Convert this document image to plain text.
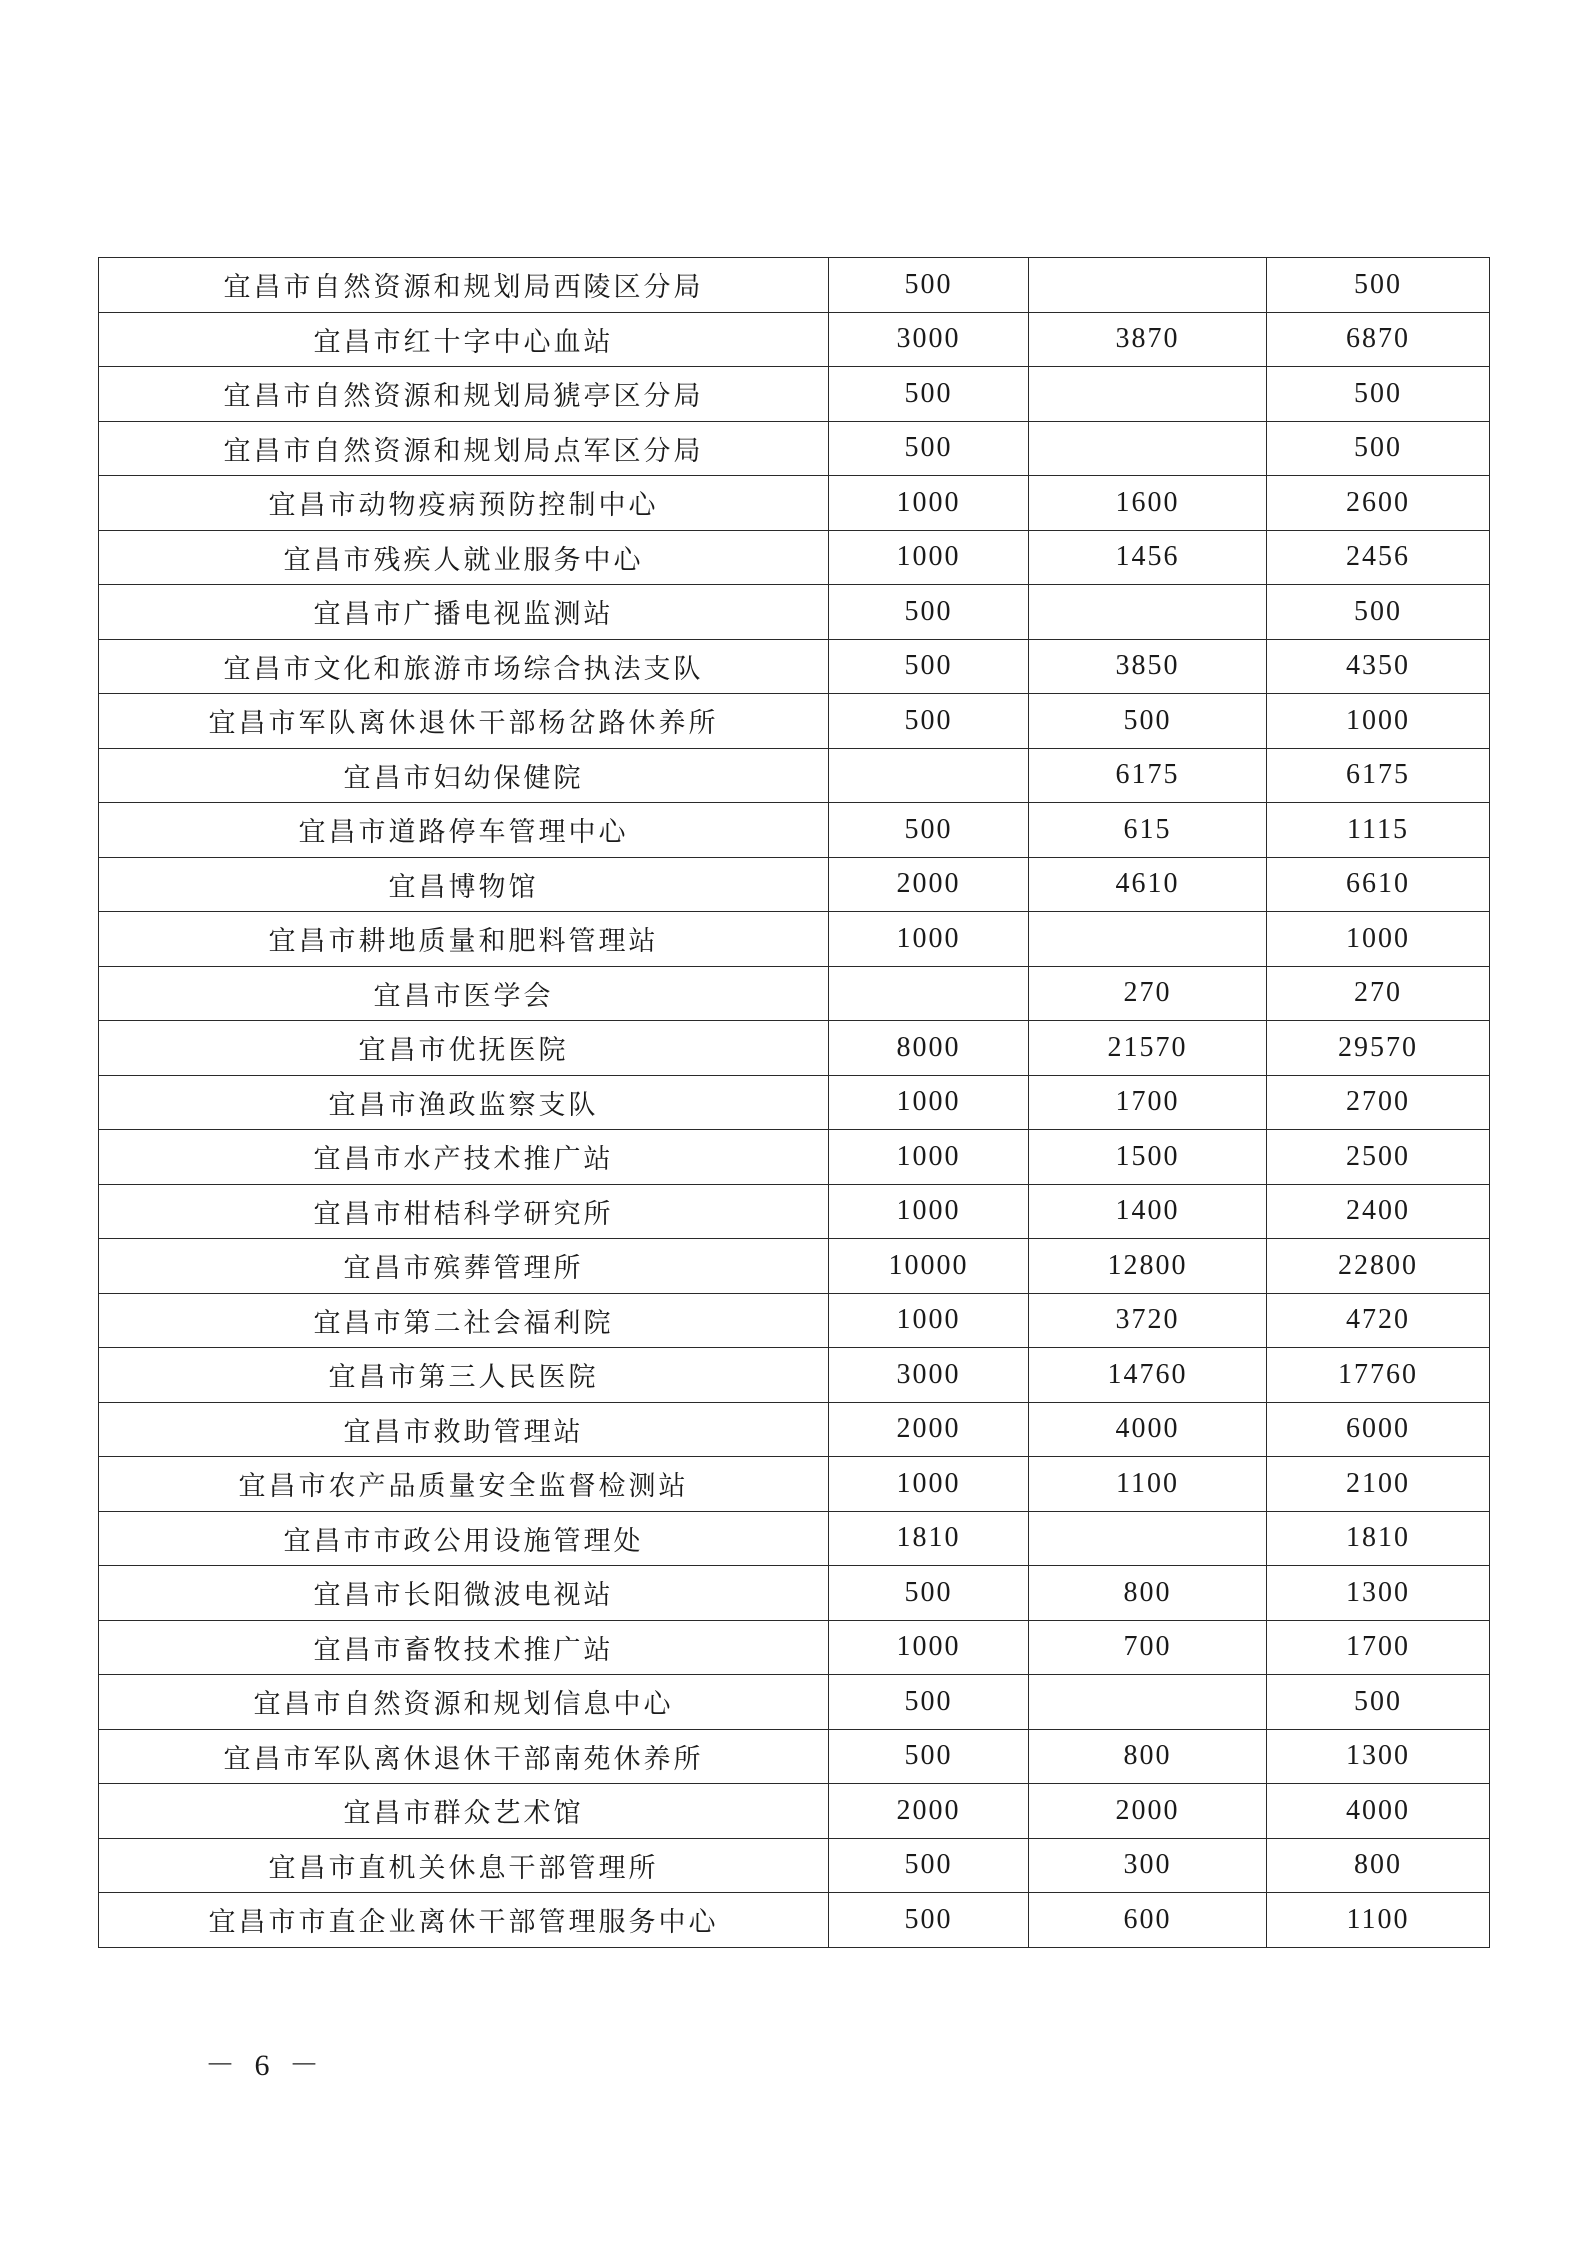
宜昌市自然资源和规划局西陵区分局	500		500
宜昌市红十字中心血站	3000	3870	6870
宜昌市自然资源和规划局猇亭区分局	500		500
宜昌市自然资源和规划局点军区分局	500		500
宜昌市动物疫病预防控制中心	1000	1600	2600
宜昌市残疾人就业服务中心	1000	1456	2456
宜昌市广播电视监测站	500		500
宜昌市文化和旅游市场综合执法支队	500	3850	4350
宜昌市军队离休退休干部杨岔路休养所	500	500	1000
宜昌市妇幼保健院		6175	6175
宜昌市道路停车管理中心	500	615	1115
宜昌博物馆	2000	4610	6610
宜昌市耕地质量和肥料管理站	1000		1000
宜昌市医学会		270	270
宜昌市优抚医院	8000	21570	29570
宜昌市渔政监察支队	1000	1700	2700
宜昌市水产技术推广站	1000	1500	2500
宜昌市柑桔科学研究所	1000	1400	2400
宜昌市殡葬管理所	10000	12800	22800
宜昌市第二社会福利院	1000	3720	4720
宜昌市第三人民医院	3000	14760	17760
宜昌市救助管理站	2000	4000	6000
宜昌市农产品质量安全监督检测站	1000	1100	2100
宜昌市市政公用设施管理处	1810		1810
宜昌市长阳微波电视站	500	800	1300
宜昌市畜牧技术推广站	1000	700	1700
宜昌市自然资源和规划信息中心	500		500
宜昌市军队离休退休干部南苑休养所	500	800	1300
宜昌市群众艺术馆	2000	2000	4000
宜昌市直机关休息干部管理所	500	300	800
宜昌市市直企业离休干部管理服务中心	500	600	1100
－ 6 －
